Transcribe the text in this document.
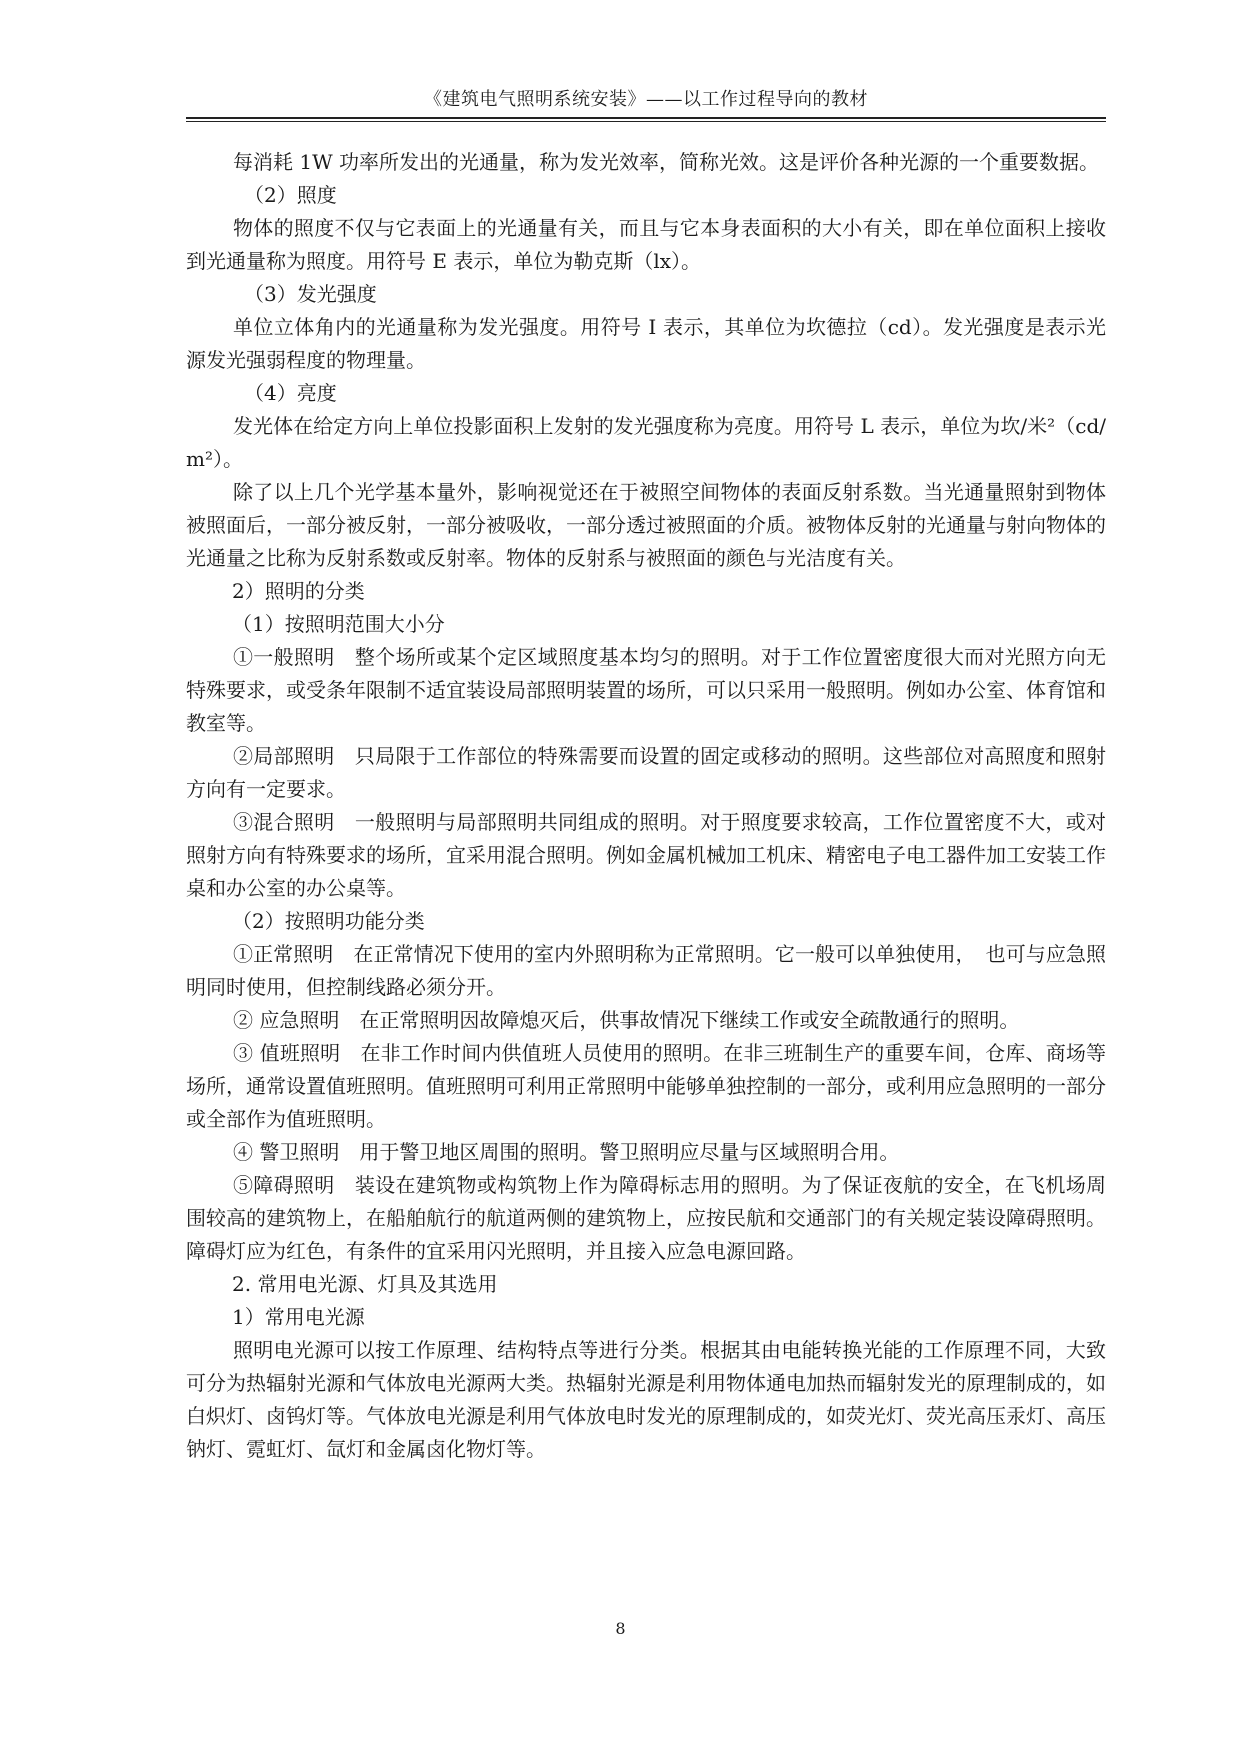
《建筑电气照明系统安装》——以工作过程导向的教材

每消耗 1W 功率所发出的光通量，称为发光效率，简称光效。这是评价各种光源的一个重要数据。

（2）照度

物体的照度不仅与它表面上的光通量有关，而且与它本身表面积的大小有关，即在单位面积上接收到光通量称为照度。用符号 E 表示，单位为勒克斯（lx）。

（3）发光强度

单位立体角内的光通量称为发光强度。用符号 I 表示，其单位为坎德拉（cd）。发光强度是表示光源发光强弱程度的物理量。

（4）亮度

发光体在给定方向上单位投影面积上发射的发光强度称为亮度。用符号 L 表示，单位为坎/米²（cd/m²）。

除了以上几个光学基本量外，影响视觉还在于被照空间物体的表面反射系数。当光通量照射到物体被照面后，一部分被反射，一部分被吸收，一部分透过被照面的介质。被物体反射的光通量与射向物体的光通量之比称为反射系数或反射率。物体的反射系与被照面的颜色与光洁度有关。

2）照明的分类

（1）按照明范围大小分

①一般照明　整个场所或某个定区域照度基本均匀的照明。对于工作位置密度很大而对光照方向无特殊要求，或受条年限制不适宜装设局部照明装置的场所，可以只采用一般照明。例如办公室、体育馆和教室等。

②局部照明　只局限于工作部位的特殊需要而设置的固定或移动的照明。这些部位对高照度和照射方向有一定要求。

③混合照明　一般照明与局部照明共同组成的照明。对于照度要求较高，工作位置密度不大，或对照射方向有特殊要求的场所，宜采用混合照明。例如金属机械加工机床、精密电子电工器件加工安装工作桌和办公室的办公桌等。

（2）按照明功能分类

①正常照明　在正常情况下使用的室内外照明称为正常照明。它一般可以单独使用，　也可与应急照明同时使用，但控制线路必须分开。

② 应急照明　在正常照明因故障熄灭后，供事故情况下继续工作或安全疏散通行的照明。

③ 值班照明　在非工作时间内供值班人员使用的照明。在非三班制生产的重要车间，仓库、商场等场所，通常设置值班照明。值班照明可利用正常照明中能够单独控制的一部分，或利用应急照明的一部分或全部作为值班照明。

④ 警卫照明　用于警卫地区周围的照明。警卫照明应尽量与区域照明合用。

⑤障碍照明　装设在建筑物或构筑物上作为障碍标志用的照明。为了保证夜航的安全，在飞机场周围较高的建筑物上，在船舶航行的航道两侧的建筑物上，应按民航和交通部门的有关规定装设障碍照明。障碍灯应为红色，有条件的宜采用闪光照明，并且接入应急电源回路。

2. 常用电光源、灯具及其选用

1）常用电光源

照明电光源可以按工作原理、结构特点等进行分类。根据其由电能转换光能的工作原理不同，大致可分为热辐射光源和气体放电光源两大类。热辐射光源是利用物体通电加热而辐射发光的原理制成的，如白炽灯、卤钨灯等。气体放电光源是利用气体放电时发光的原理制成的，如荧光灯、荧光高压汞灯、高压钠灯、霓虹灯、氙灯和金属卤化物灯等。

8
